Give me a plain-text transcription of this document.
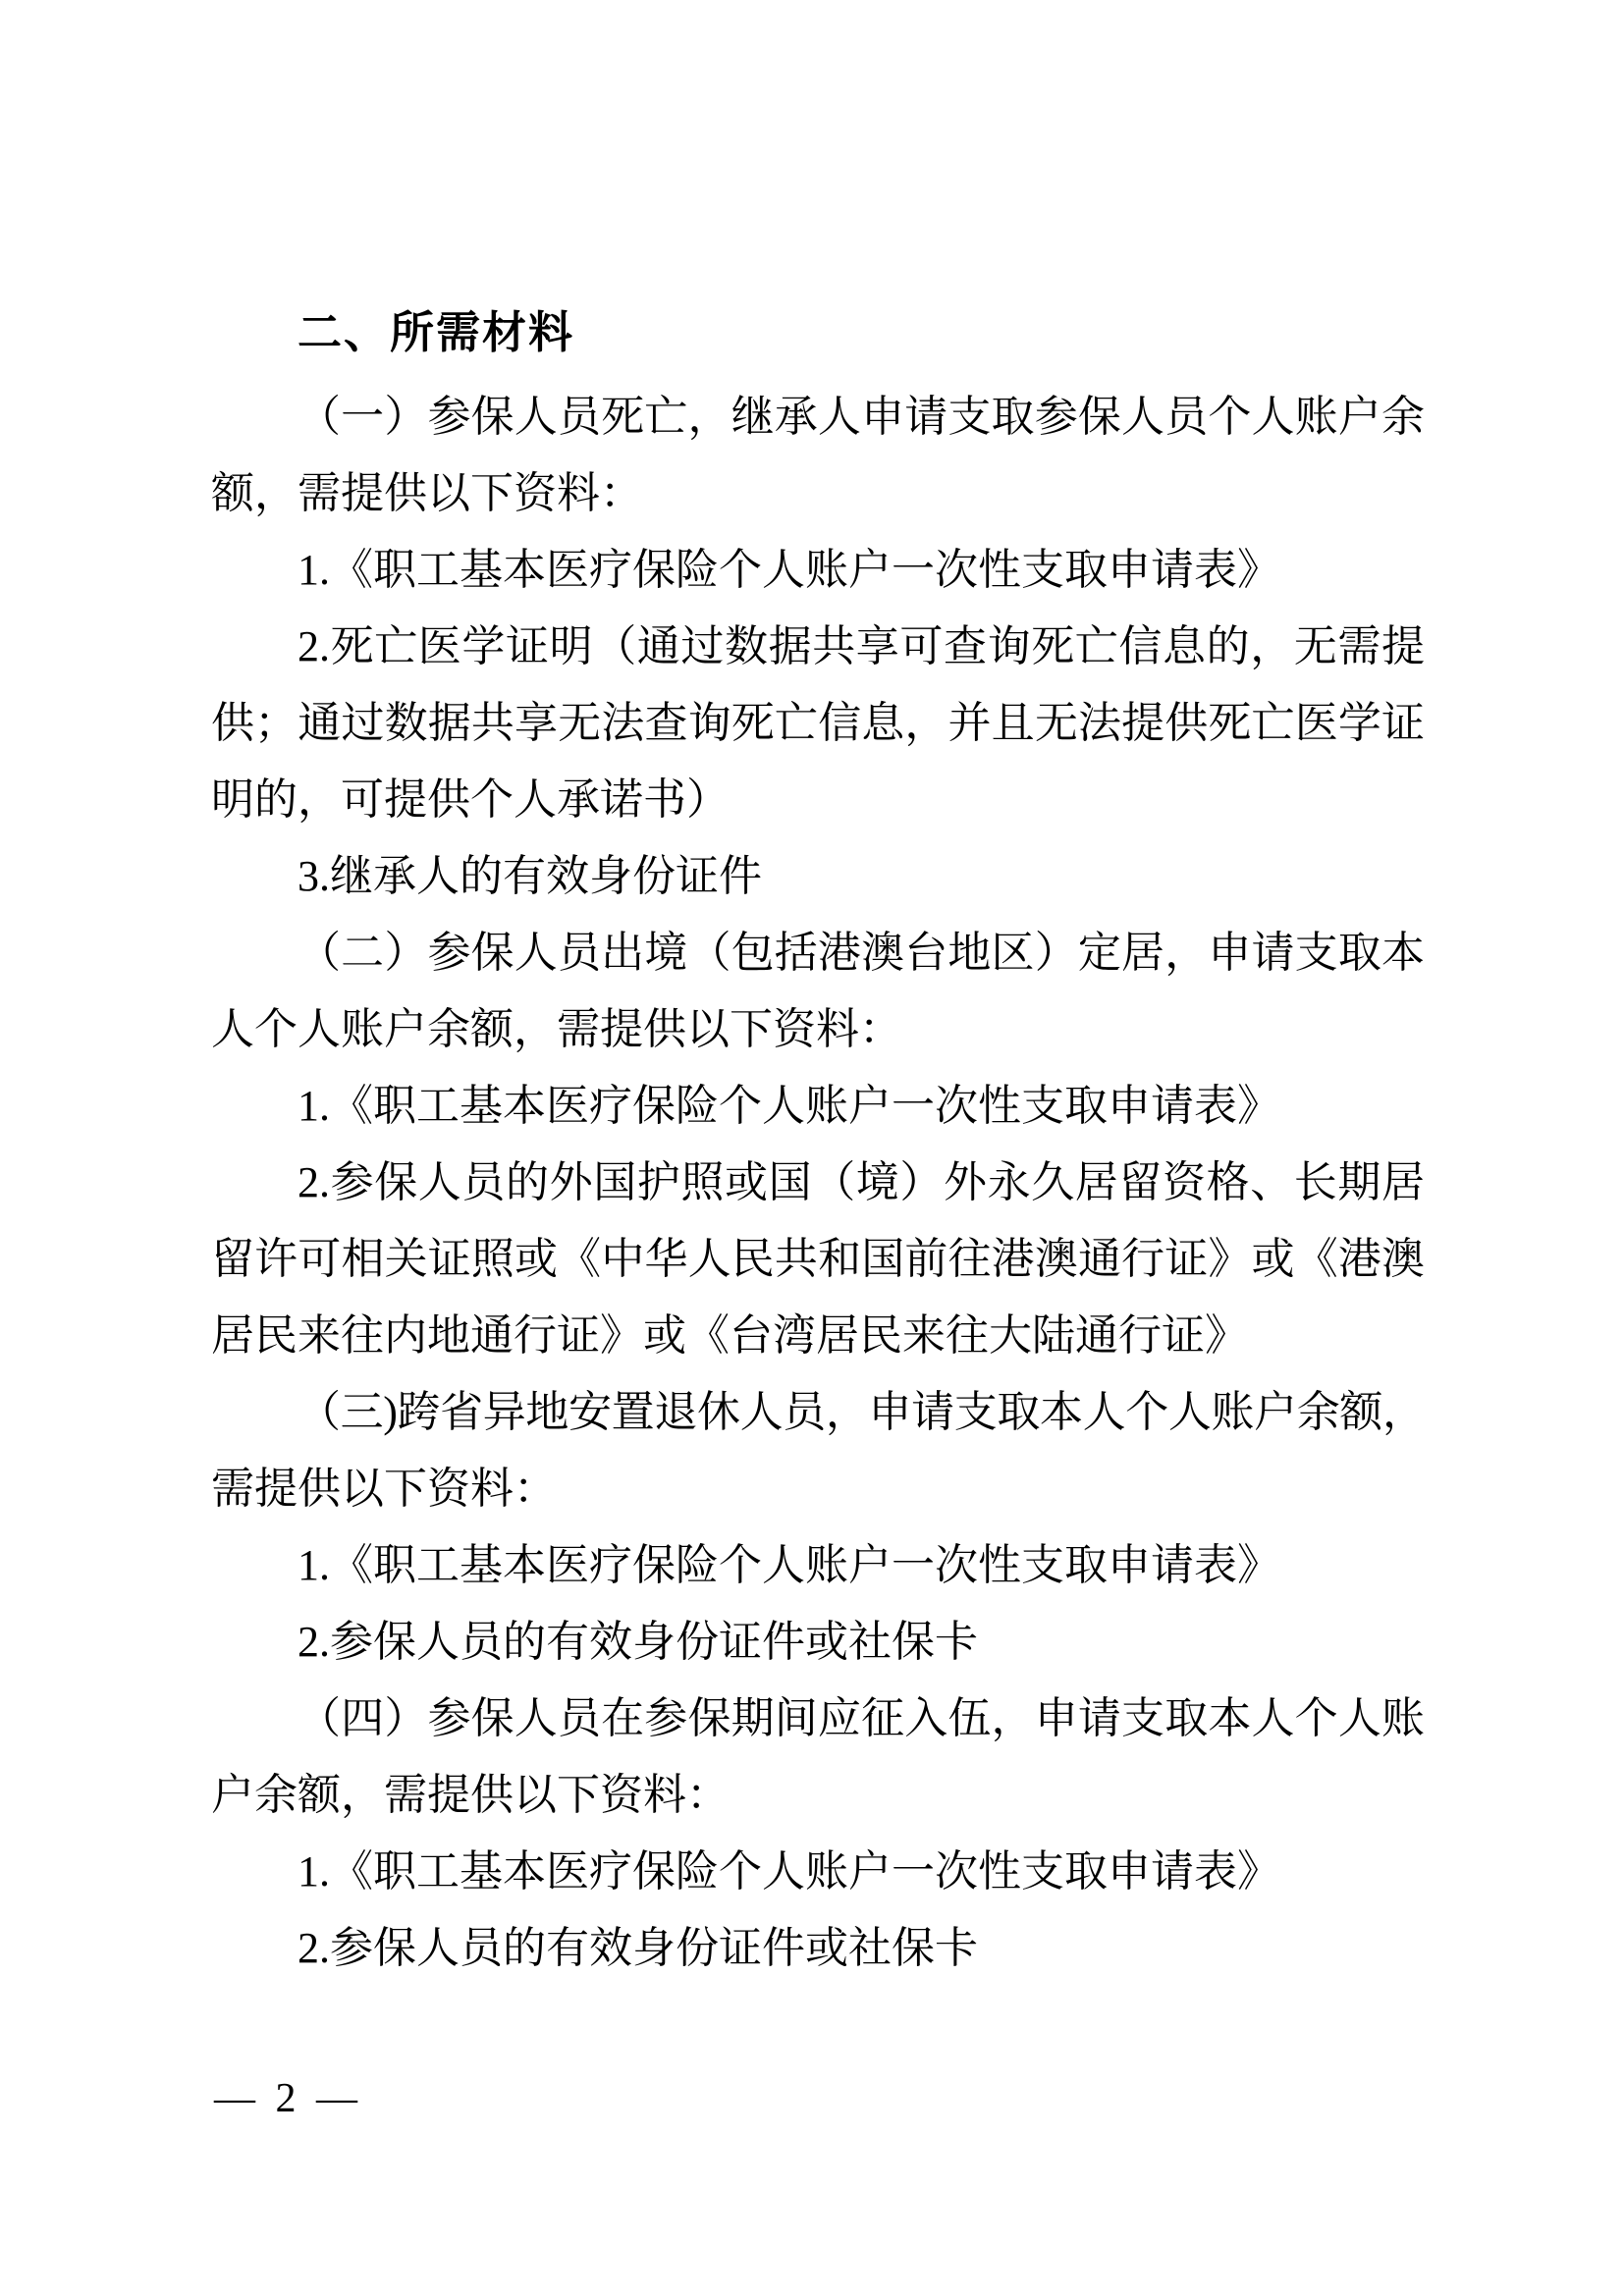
二、所需材料
（一）参保人员死亡，继承人申请支取参保人员个人账户余
额，需提供以下资料：
1.《职工基本医疗保险个人账户一次性支取申请表》
2.死亡医学证明（通过数据共享可查询死亡信息的，无需提
供；通过数据共享无法查询死亡信息，并且无法提供死亡医学证
明的，可提供个人承诺书）
3.继承人的有效身份证件
（二）参保人员出境（包括港澳台地区）定居，申请支取本
人个人账户余额，需提供以下资料：
1.《职工基本医疗保险个人账户一次性支取申请表》
2.参保人员的外国护照或国（境）外永久居留资格、长期居
留许可相关证照或《中华人民共和国前往港澳通行证》或《港澳
居民来往内地通行证》或《台湾居民来往大陆通行证》
（三)跨省异地安置退休人员，申请支取本人个人账户余额，
需提供以下资料：
1.《职工基本医疗保险个人账户一次性支取申请表》
2.参保人员的有效身份证件或社保卡
（四）参保人员在参保期间应征入伍，申请支取本人个人账
户余额，需提供以下资料：
1.《职工基本医疗保险个人账户一次性支取申请表》
2.参保人员的有效身份证件或社保卡
— 2 —
